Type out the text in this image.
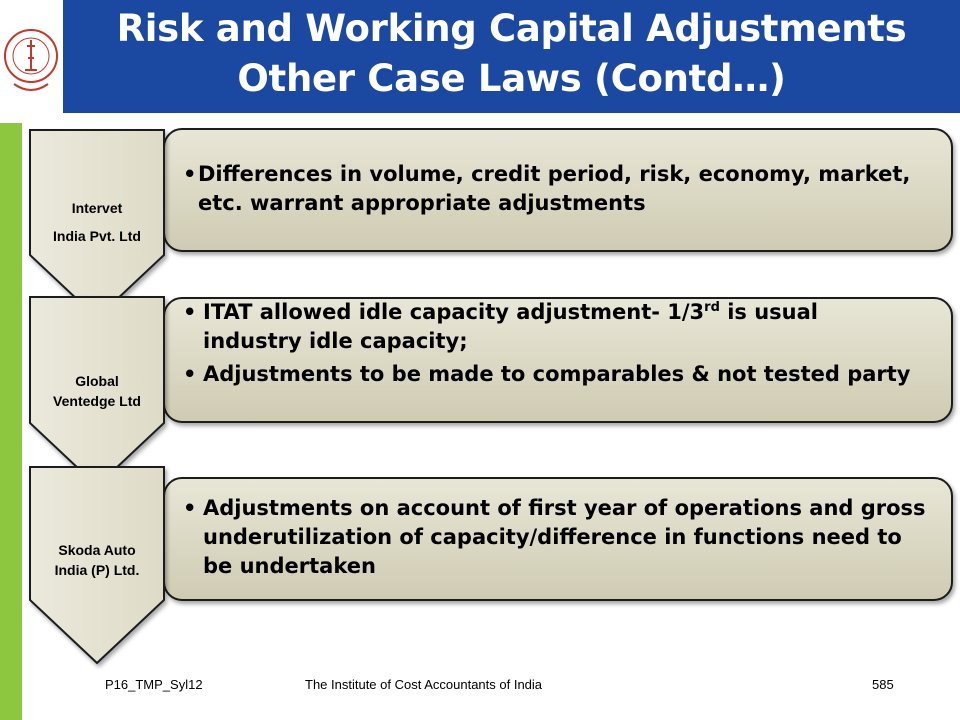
Risk and Working Capital Adjustments
Other Case Laws (Contd…)
Intervet
India Pvt. Ltd
• Differences in volume, credit period, risk, economy, market, etc. warrant appropriate adjustments
Global
Ventedge Ltd
• ITAT allowed idle capacity adjustment- 1/3rd is usual industry idle capacity;
• Adjustments to be made to comparables & not tested party
Skoda Auto
India (P) Ltd.
• Adjustments on account of first year of operations and gross underutilization of capacity/difference in functions need to be undertaken
P16_TMP_Syl12	The Institute of Cost Accountants of India	585
